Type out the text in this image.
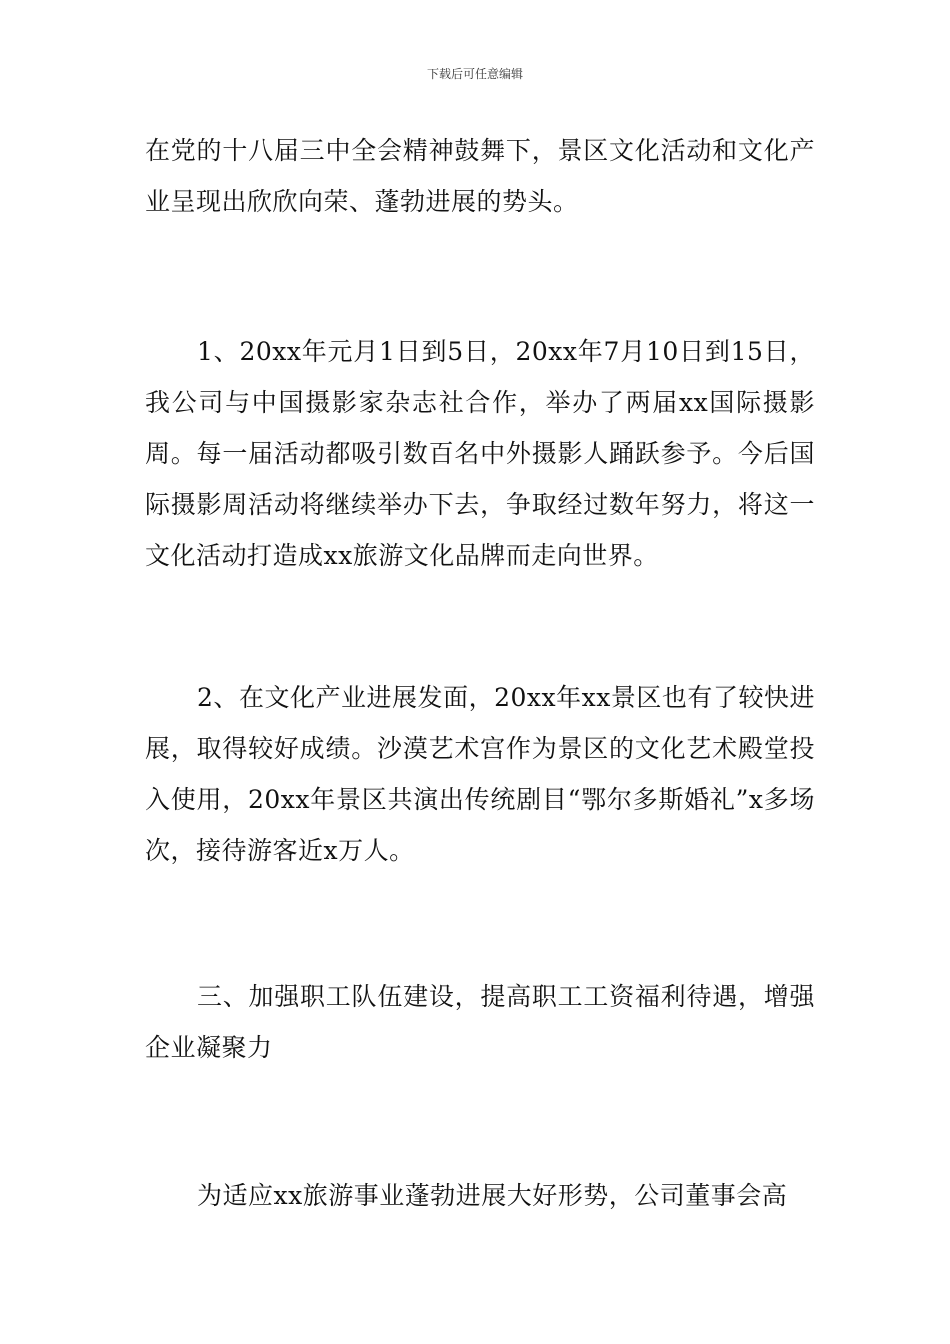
下载后可任意编辑

在党的十八届三中全会精神鼓舞下，景区文化活动和文化产业呈现出欣欣向荣、蓬勃进展的势头。

1、20xx年元月1日到5日，20xx年7月10日到15日，我公司与中国摄影家杂志社合作，举办了两届xx国际摄影周。每一届活动都吸引数百名中外摄影人踊跃参予。今后国际摄影周活动将继续举办下去，争取经过数年努力，将这一文化活动打造成xx旅游文化品牌而走向世界。

2、在文化产业进展发面，20xx年xx景区也有了较快进展，取得较好成绩。沙漠艺术宫作为景区的文化艺术殿堂投入使用，20xx年景区共演出传统剧目“鄂尔多斯婚礼”x多场次，接待游客近x万人。

三、加强职工队伍建设，提高职工工资福利待遇，增强企业凝聚力

为适应xx旅游事业蓬勃进展大好形势，公司董事会高
